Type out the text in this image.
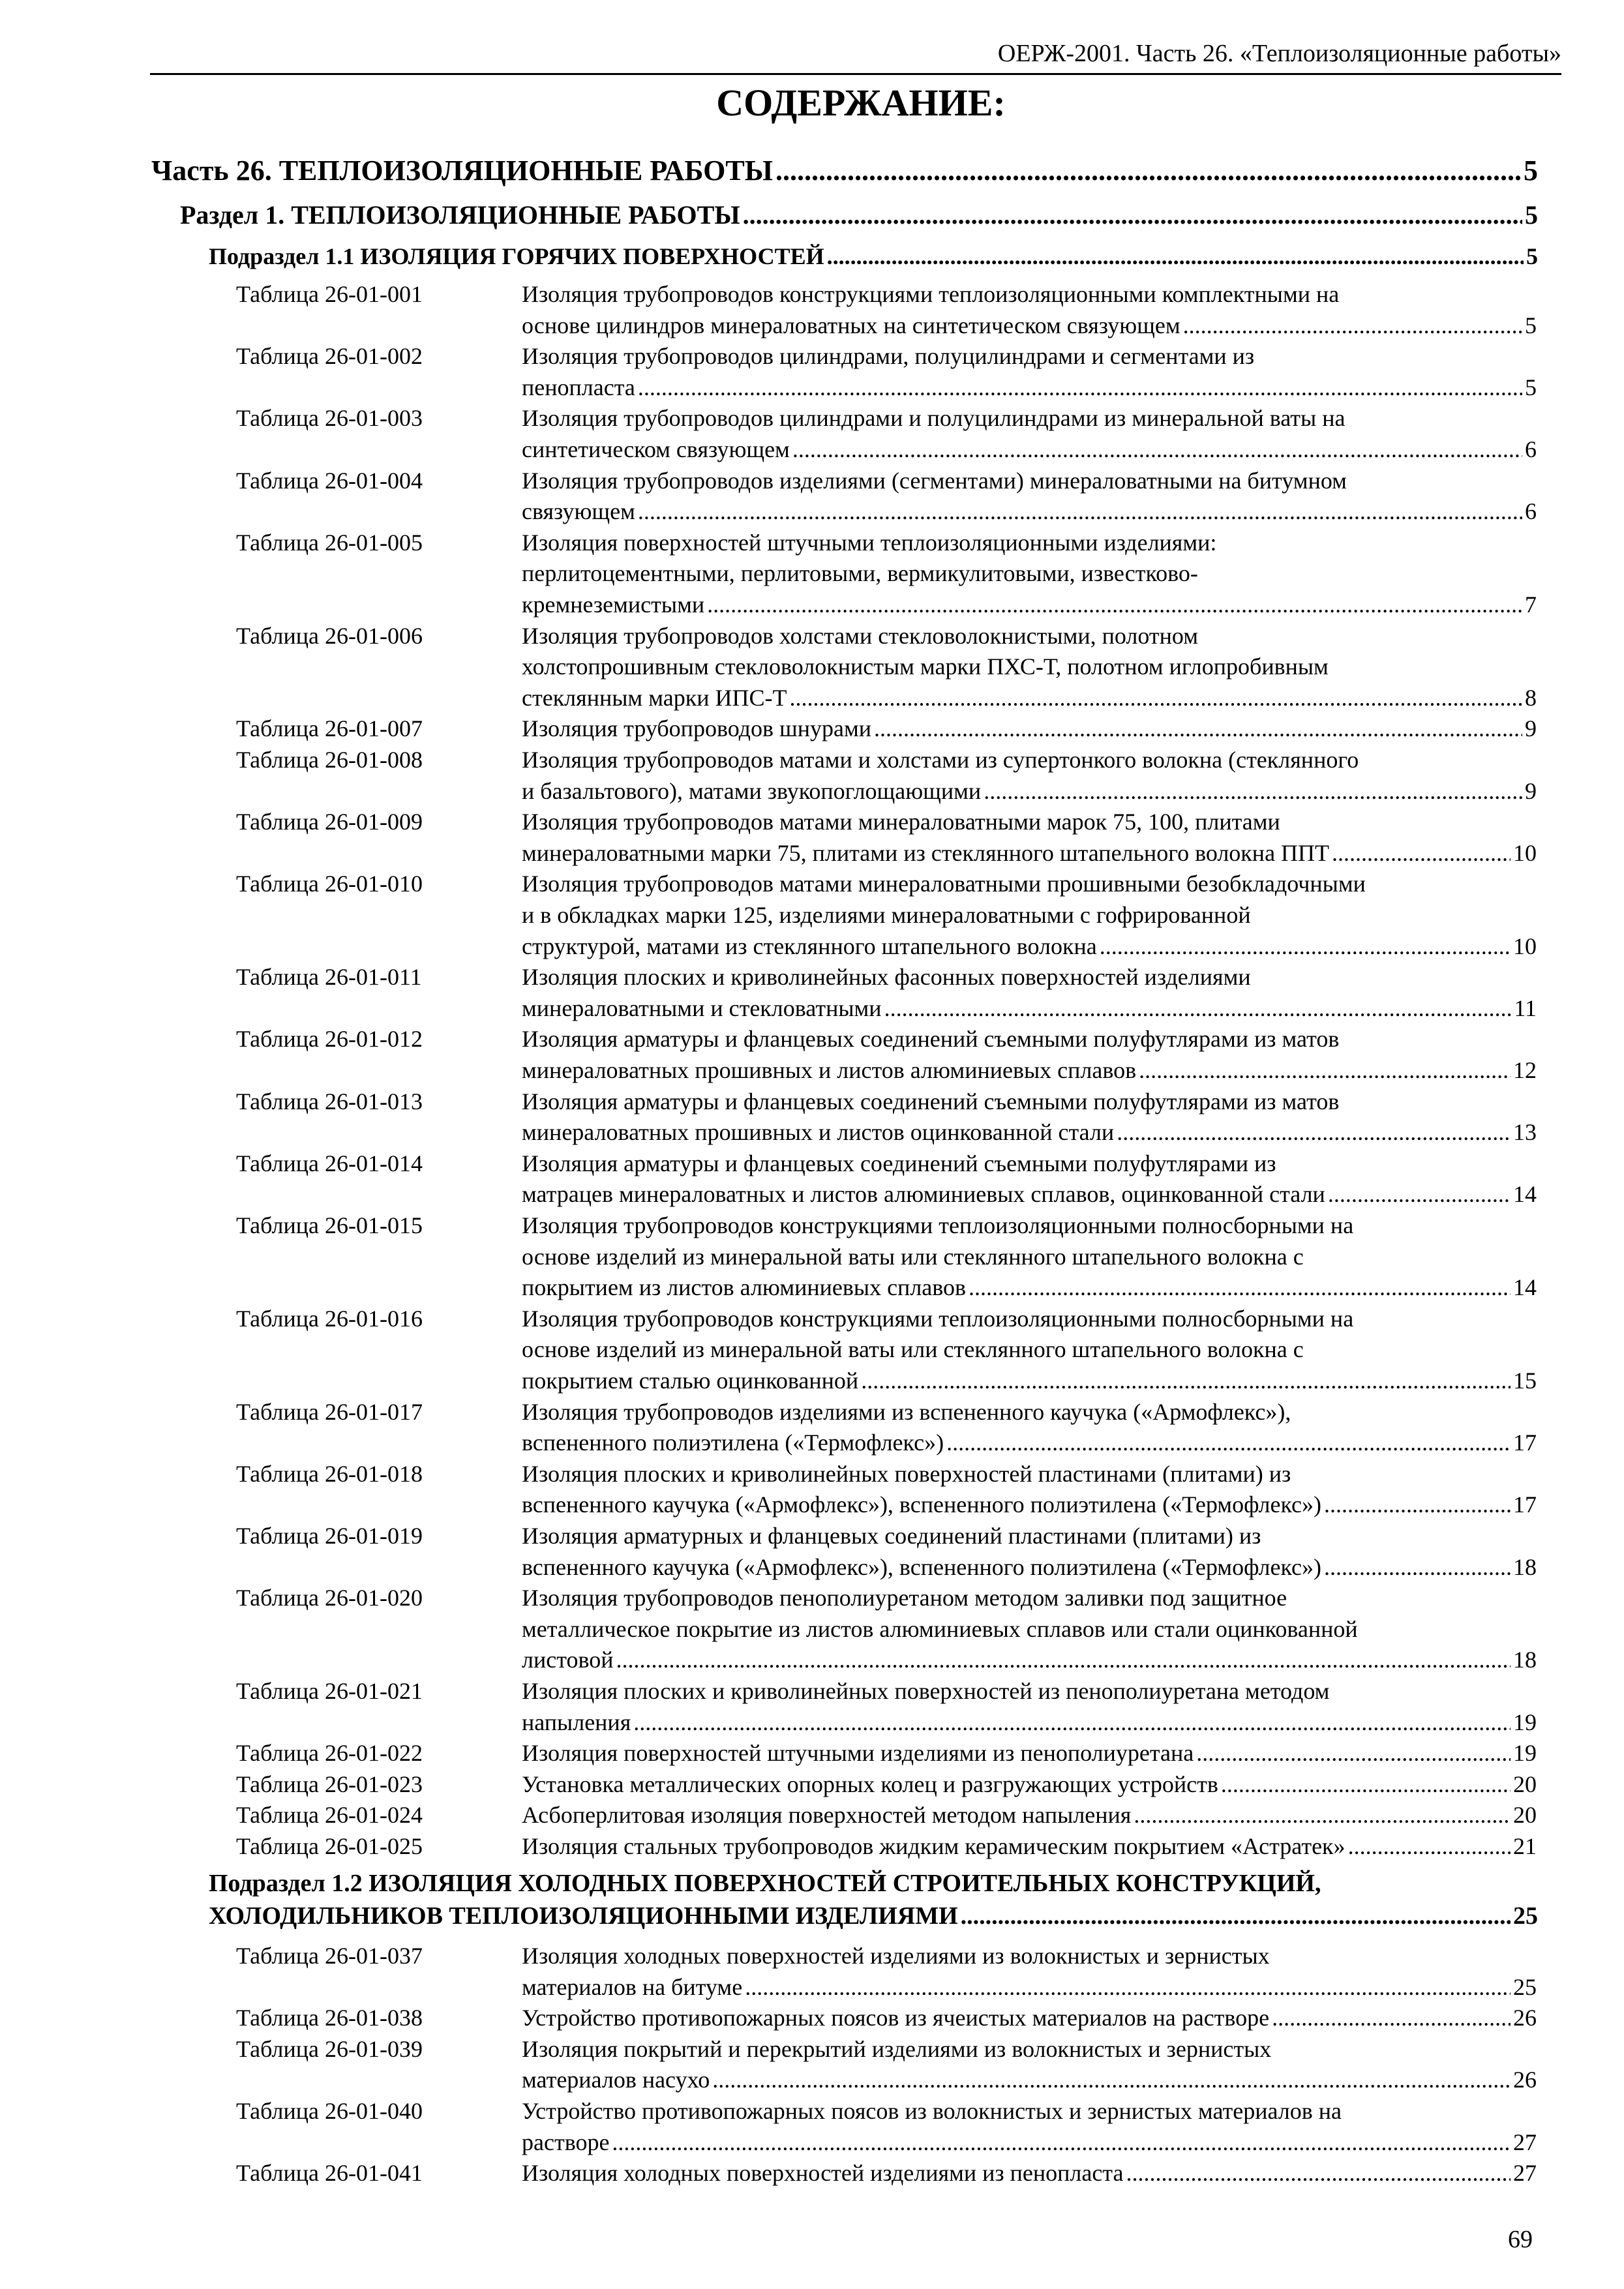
ОЕРЖ-2001. Часть 26. «Теплоизоляционные работы»
СОДЕРЖАНИЕ:
Часть 26. ТЕПЛОИЗОЛЯЦИОННЫЕ РАБОТЫ .....	5
Раздел 1. ТЕПЛОИЗОЛЯЦИОННЫЕ РАБОТЫ .....	5
Подраздел 1.1 ИЗОЛЯЦИЯ ГОРЯЧИХ ПОВЕРХНОСТЕЙ .....	5
Таблица 26-01-001	Изоляция трубопроводов конструкциями теплоизоляционными комплектными на
основе цилиндров минераловатных на синтетическом связующем .....	5
Таблица 26-01-002	Изоляция трубопроводов цилиндрами, полуцилиндрами и сегментами из
пенопласта .....	5
Таблица 26-01-003	Изоляция трубопроводов цилиндрами и полуцилиндрами из минеральной ваты на
синтетическом связующем .....	6
Таблица 26-01-004	Изоляция трубопроводов изделиями (сегментами) минераловатными на битумном
связующем .....	6
Таблица 26-01-005	Изоляция поверхностей штучными теплоизоляционными изделиями:
перлитоцементными, перлитовыми, вермикулитовыми, известково-
кремнеземистыми .....	7
Таблица 26-01-006	Изоляция трубопроводов холстами стекловолокнистыми, полотном
холстопрошивным стекловолокнистым марки ПХС-Т, полотном иглопробивным
стеклянным марки ИПС-Т .....	8
Таблица 26-01-007	Изоляция трубопроводов шнурами .....	9
Таблица 26-01-008	Изоляция трубопроводов матами и холстами из супертонкого волокна (стеклянного
и базальтового), матами звукопоглощающими .....	9
Таблица 26-01-009	Изоляция трубопроводов матами минераловатными марок 75, 100, плитами
минераловатными марки 75, плитами из стеклянного штапельного волокна ППТ .....	10
Таблица 26-01-010	Изоляция трубопроводов матами минераловатными прошивными безобкладочными
и в обкладках марки 125, изделиями минераловатными с гофрированной
структурой, матами из стеклянного штапельного волокна .....	10
Таблица 26-01-011	Изоляция плоских и криволинейных фасонных поверхностей изделиями
минераловатными и стекловатными .....	11
Таблица 26-01-012	Изоляция арматуры и фланцевых соединений съемными полуфутлярами из матов
минераловатных прошивных и листов алюминиевых сплавов .....	12
Таблица 26-01-013	Изоляция арматуры и фланцевых соединений съемными полуфутлярами из матов
минераловатных прошивных и листов оцинкованной стали .....	13
Таблица 26-01-014	Изоляция арматуры и фланцевых соединений съемными полуфутлярами из
матрацев минераловатных и листов алюминиевых сплавов, оцинкованной стали .....	14
Таблица 26-01-015	Изоляция трубопроводов конструкциями теплоизоляционными полносборными на
основе изделий из минеральной ваты или стеклянного штапельного волокна с
покрытием из листов алюминиевых сплавов .....	14
Таблица 26-01-016	Изоляция трубопроводов конструкциями теплоизоляционными полносборными на
основе изделий из минеральной ваты или стеклянного штапельного волокна с
покрытием сталью оцинкованной .....	15
Таблица 26-01-017	Изоляция трубопроводов изделиями из вспененного каучука («Армофлекс»),
вспененного полиэтилена («Термофлекс») .....	17
Таблица 26-01-018	Изоляция плоских и криволинейных поверхностей пластинами (плитами) из
вспененного каучука («Армофлекс»), вспененного полиэтилена («Термофлекс») .....	17
Таблица 26-01-019	Изоляция арматурных и фланцевых соединений пластинами (плитами) из
вспененного каучука («Армофлекс»), вспененного полиэтилена («Термофлекс») .....	18
Таблица 26-01-020	Изоляция трубопроводов пенополиуретаном методом заливки под защитное
металлическое покрытие из листов алюминиевых сплавов или стали оцинкованной
листовой .....	18
Таблица 26-01-021	Изоляция плоских и криволинейных поверхностей из пенополиуретана методом
напыления .....	19
Таблица 26-01-022	Изоляция поверхностей штучными изделиями из пенополиуретана .....	19
Таблица 26-01-023	Установка металлических опорных колец и разгружающих устройств .....	20
Таблица 26-01-024	Асбоперлитовая изоляция поверхностей методом напыления .....	20
Таблица 26-01-025	Изоляция стальных трубопроводов жидким керамическим покрытием «Астратек» .....	21
Подраздел 1.2 ИЗОЛЯЦИЯ ХОЛОДНЫХ ПОВЕРХНОСТЕЙ СТРОИТЕЛЬНЫХ КОНСТРУКЦИЙ,
ХОЛОДИЛЬНИКОВ ТЕПЛОИЗОЛЯЦИОННЫМИ ИЗДЕЛИЯМИ .....	25
Таблица 26-01-037	Изоляция холодных поверхностей изделиями из волокнистых и зернистых
материалов на битуме .....	25
Таблица 26-01-038	Устройство противопожарных поясов из ячеистых материалов на растворе .....	26
Таблица 26-01-039	Изоляция покрытий и перекрытий изделиями из волокнистых и зернистых
материалов насухо .....	26
Таблица 26-01-040	Устройство противопожарных поясов из волокнистых и зернистых материалов на
растворе .....	27
Таблица 26-01-041	Изоляция холодных поверхностей изделиями из пенопласта .....	27
69
